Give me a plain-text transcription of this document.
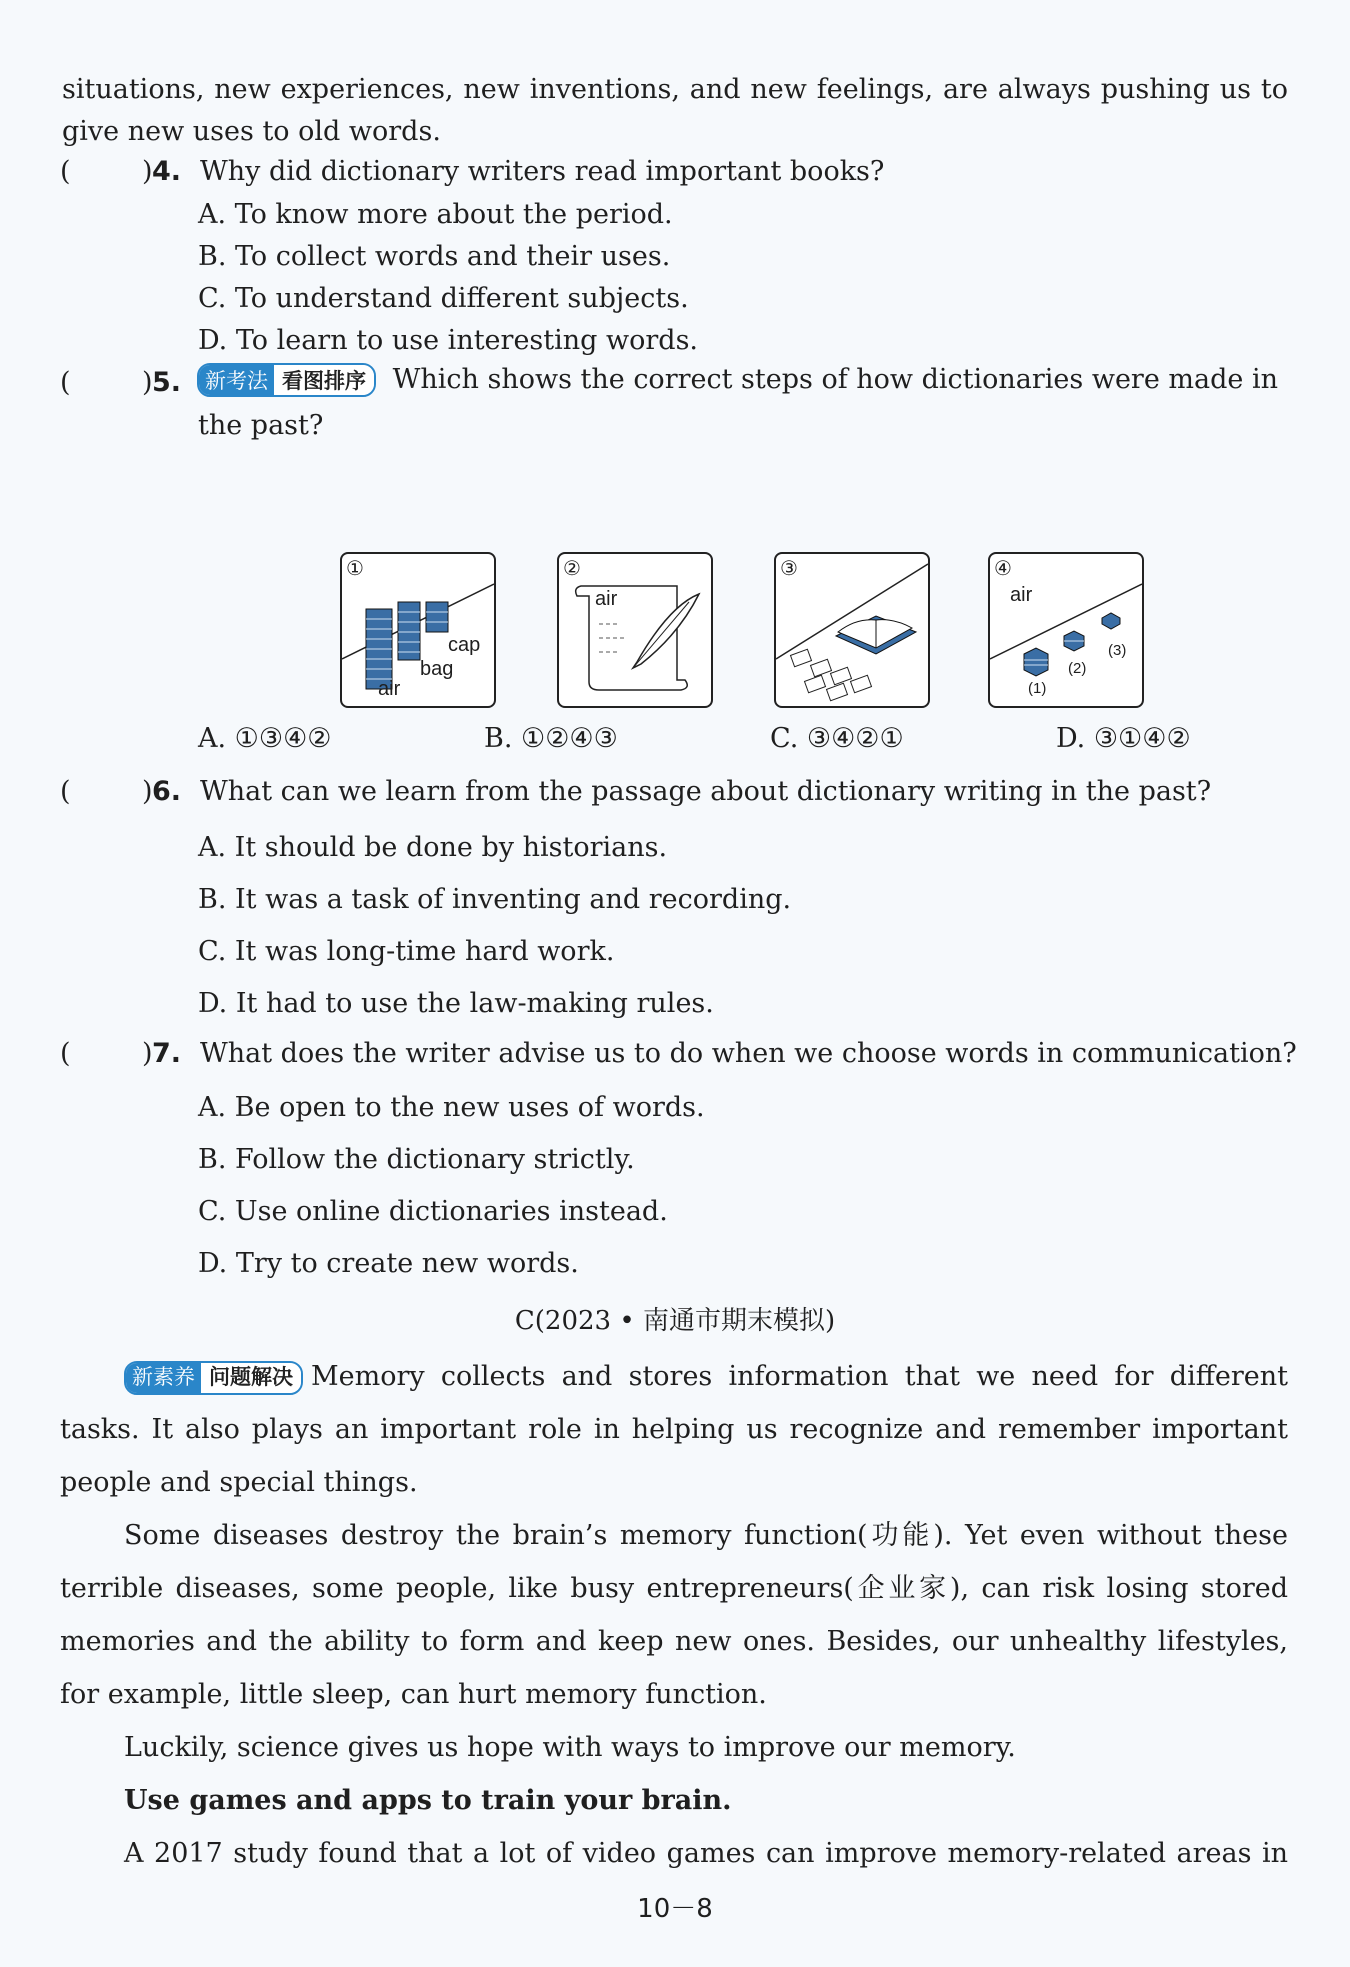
situations, new experiences, new inventions, and new feelings, are always pushing us to
give new uses to old words.
(	) 4. Why did dictionary writers read important books?
A. To know more about the period.
B. To collect words and their uses.
C. To understand different subjects.
D. To learn to use interesting words.
(	) 5. 新考法 看图排序 Which shows the correct steps of how dictionaries were made in
the past?
①
cap
bag
air
②
air
③	④
air
(1)
(2)
(3)
A. ①③④②	B. ①②④③	C. ③④②①	D. ③①④②
(	) 6. What can we learn from the passage about dictionary writing in the past?
A. It should be done by historians.
B. It was a task of inventing and recording.
C. It was long-time hard work.
D. It had to use the law-making rules.
(	) 7. What does the writer advise us to do when we choose words in communication?
A. Be open to the new uses of words.
B. Follow the dictionary strictly.
C. Use online dictionaries instead.
D. Try to create new words.
C(2023 • 南通市期末模拟)
新素养 问题解决 Memory collects and stores information that we need for different
tasks. It also plays an important role in helping us recognize and remember important
people and special things.
Some diseases destroy the brain’s memory function(功能). Yet even without these
terrible diseases, some people, like busy entrepreneurs(企业家), can risk losing stored
memories and the ability to form and keep new ones. Besides, our unhealthy lifestyles,
for example, little sleep, can hurt memory function.
Luckily, science gives us hope with ways to improve our memory.
Use games and apps to train your brain.
A 2017 study found that a lot of video games can improve memory-related areas in
10－8
